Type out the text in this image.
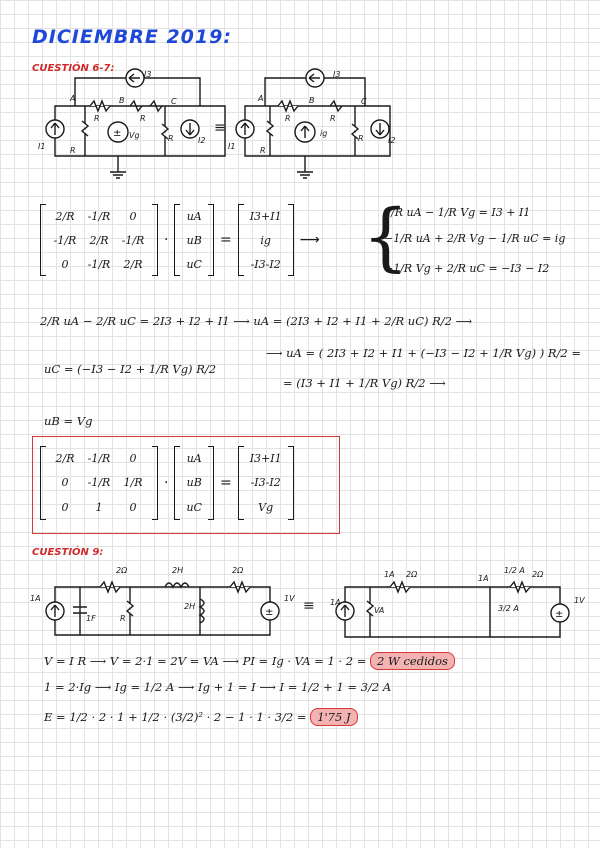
DICIEMBRE 2019:
CUESTIÓN 6-7:
±
I3
A	B	C
R	R
R
R
Vg
I1
I2
≡
I3
A	B	C
R	R
R
R
ig
I1
I2
2/R	-1/R	0
-1/R	2/R	-1/R
0	-1/R	2/R
·
uA
uB
uC
=
I3+I1
ig
-I3-I2
⟶ {
2/R uA − 1/R Vg = I3 + I1
−1/R uA + 2/R Vg − 1/R uC = ig
−1/R Vg + 2/R uC = −I3 − I2
2/R uA − 2/R uC = 2I3 + I2 + I1 ⟶ uA = (2I3 + I2 + I1 + 2/R uC) R/2 ⟶
uC = (−I3 − I2 + 1/R Vg) R/2
⟶ uA = ( 2I3 + I2 + I1 + (−I3 − I2 + 1/R Vg) ) R/2 =
= (I3 + I1 + 1/R Vg) R/2 ⟶
uB = Vg
2/R	-1/R	0
0	-1/R	1/R
0	1	0
·
uA
uB
uC
=
I3+I1
-I3-I2
Vg
CUESTIÓN 9:
±	±
2Ω	2H	2Ω
1A
1F	R
2H
1V ≡
1A 2Ω	1A
1/2 A 2Ω
1A
VA	3/2 A
1V
V = I R ⟶ V = 2·1 = 2V = VA ⟶ PI = Ig · VA = 1 · 2 = 2 W cedidos
1 = 2·Ig ⟶ Ig = 1/2 A ⟶ Ig + 1 = I ⟶ I = 1/2 + 1 = 3/2 A
E = 1/2 · 2 · 1 + 1/2 · (3/2)² · 2 − 1 · 1 · 3/2 = 1'75 J
